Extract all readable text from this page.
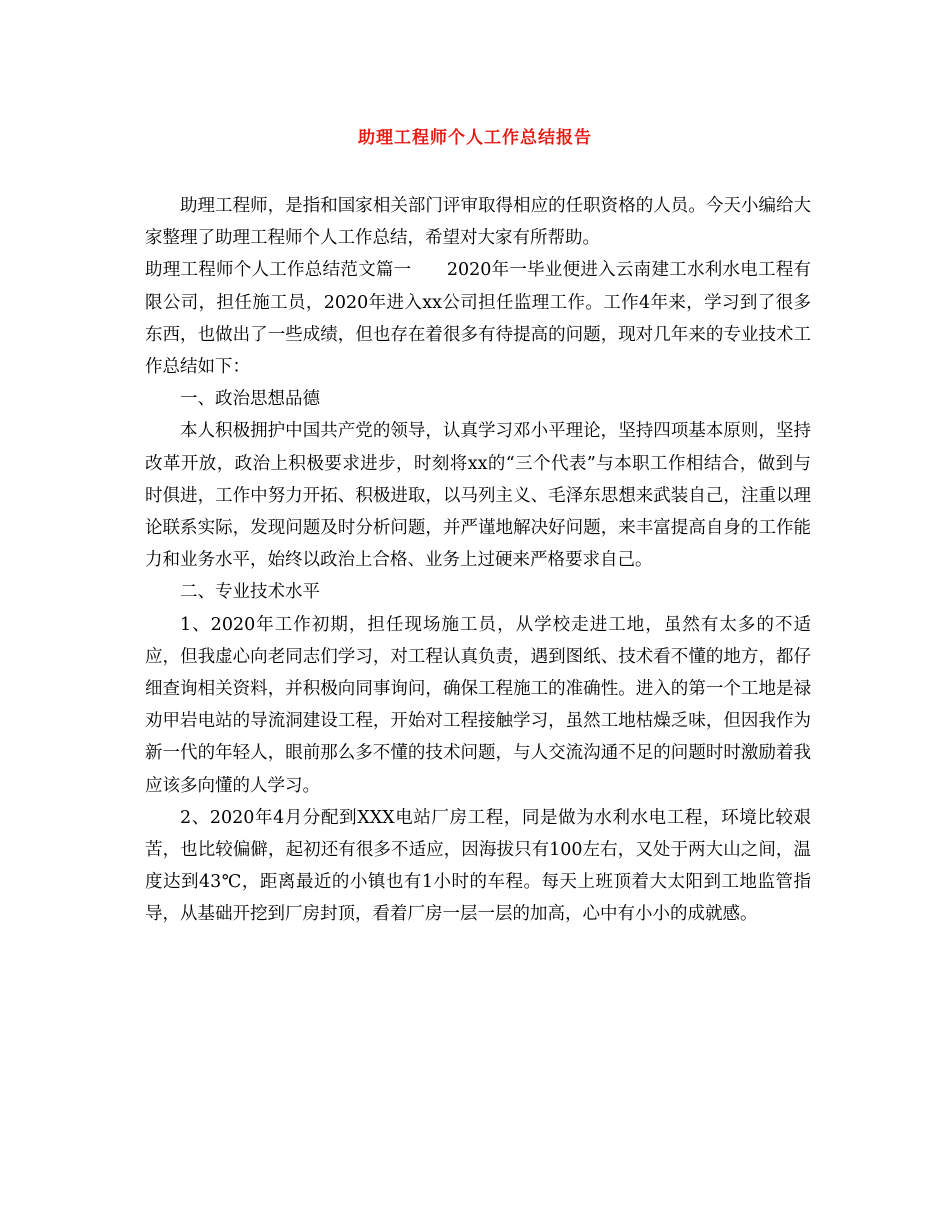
助理工程师个人工作总结报告

助理工程师，是指和国家相关部门评审取得相应的任职资格的人员。今天小编给大家整理了助理工程师个人工作总结，希望对大家有所帮助。

助理工程师个人工作总结范文篇一　　2020年一毕业便进入云南建工水利水电工程有限公司，担任施工员，2020年进入xx公司担任监理工作。工作4年来，学习到了很多东西，也做出了一些成绩，但也存在着很多有待提高的问题，现对几年来的专业技术工作总结如下：

一、政治思想品德

本人积极拥护中国共产党的领导，认真学习邓小平理论，坚持四项基本原则，坚持改革开放，政治上积极要求进步，时刻将xx的“三个代表”与本职工作相结合，做到与时俱进，工作中努力开拓、积极进取，以马列主义、毛泽东思想来武装自己，注重以理论联系实际，发现问题及时分析问题，并严谨地解决好问题，来丰富提高自身的工作能力和业务水平，始终以政治上合格、业务上过硬来严格要求自己。

二、专业技术水平

1、2020年工作初期，担任现场施工员，从学校走进工地，虽然有太多的不适应，但我虚心向老同志们学习，对工程认真负责，遇到图纸、技术看不懂的地方，都仔细查询相关资料，并积极向同事询问，确保工程施工的准确性。进入的第一个工地是禄劝甲岩电站的导流洞建设工程，开始对工程接触学习，虽然工地枯燥乏味，但因我作为新一代的年轻人，眼前那么多不懂的技术问题，与人交流沟通不足的问题时时激励着我应该多向懂的人学习。

2、2020年4月分配到XXX电站厂房工程，同是做为水利水电工程，环境比较艰苦，也比较偏僻，起初还有很多不适应，因海拔只有100左右，又处于两大山之间，温度达到43℃，距离最近的小镇也有1小时的车程。每天上班顶着大太阳到工地监管指导，从基础开挖到厂房封顶，看着厂房一层一层的加高，心中有小小的成就感。
